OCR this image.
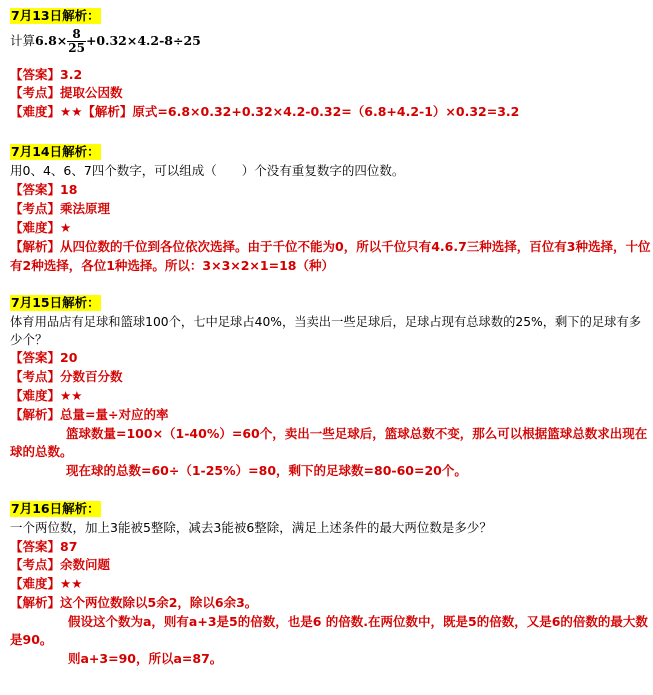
7月13日解析：
计算$6.8\times \frac{8}{25} +0.32\times 4.2-8\div 25$
【答案】3.2
【考点】提取公因数
【难度】★★【解析】原式=6.8×0.32+0.32×4.2-0.32=（6.8+4.2-1）×0.32=3.2
7月14日解析：
用0、4、6、7四个数字，可以组成（　　）个没有重复数字的四位数。
【答案】18
【考点】乘法原理
【难度】★
【解析】从四位数的千位到各位依次选择。由于千位不能为0，所以千位只有4.6.7三种选择，百位有3种选择，十位
有2种选择，各位1种选择。所以：3×3×2×1=18（种）
7月15日解析：
体育用品店有足球和篮球100个，七中足球占40%，当卖出一些足球后，足球占现有总球数的25%，剩下的足球有多
少个？
【答案】20
【考点】分数百分数
【难度】★★
【解析】总量=量÷对应的率
篮球数量=100×（1-40%）=60个，卖出一些足球后，篮球总数不变，那么可以根据篮球总数求出现在
球的总数。
现在球的总数=60÷（1-25%）=80，剩下的足球数=80-60=20个。
7月16日解析：
一个两位数，加上3能被5整除，减去3能被6整除，满足上述条件的最大两位数是多少？
【答案】87
【考点】余数问题
【难度】★★
【解析】这个两位数除以5余2，除以6余3。
假设这个数为a，则有a+3是5的倍数，也是6 的倍数.在两位数中，既是5的倍数，又是6的倍数的最大数
是90。
则a+3=90，所以a=87。
